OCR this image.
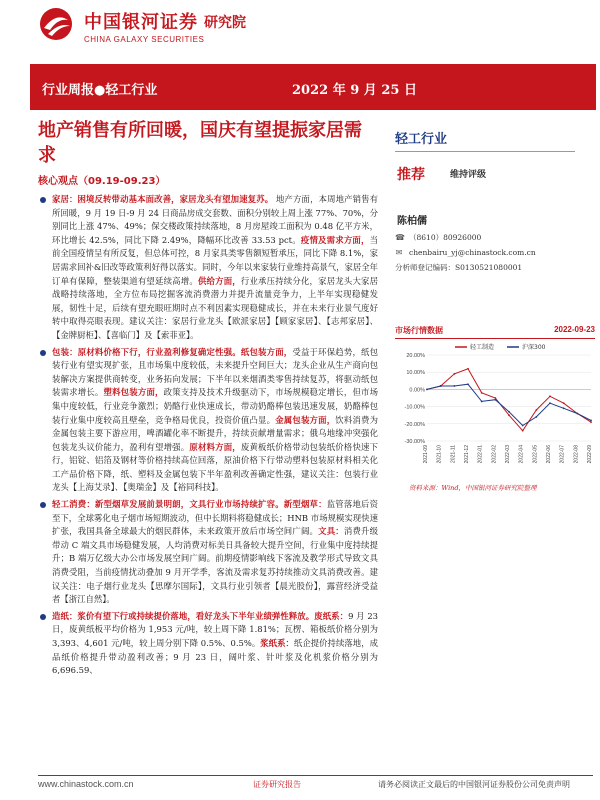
中国银河证券
CHINA GALAXY SECURITIES
研究院
行业周报●轻工行业	2022 年 9 月 25 日
地产销售有所回暖，国庆有望提振家居需求
核心观点（09.19-09.23）
家居：困境反转带动基本面改善，家居龙头有望加速复苏。 地产方面，本周地产销售有所回暖，9 月 19 日-9 月 24 日商品房成交套数、面积分别较上周上涨 77%、70%，分别同比上涨 47%、49%；保交楼政策持续落地，8 月房屋竣工面积为 0.48 亿平方米，环比增长 42.5%，同比下降 2.49%，降幅环比改善 33.53 pct。疫情及需求方面，当前全国疫情呈有所反复，但总体可控，8 月家具类零售额短暂承压，同比下降 8.1%，家居需求回补&旧改等政策利好得以落实。同时，今年以来家装行业维持高景气，家居全年订单有保障，整装渠道有望延续高增。供给方面，行业承压持续分化，家居龙头大家居战略持续落地，全方位布局挖掘客流消费潜力并提升流量竞争力，上半年实现稳健发展，韧性十足，后续有望充眼旺期时点不利因素实现稳健成长，并在未来行业景气度好转中取得亮眼表现。建议关注：家居行业龙头【欧派家居】【顾家家居】、【志邦家居】、【金牌厨柜】、【喜临门】及【索菲亚】。
包装：原材料价格下行，行业盈利修复确定性强。纸包装方面，受益于环保趋势，纸包装行业有望实现扩张，且市场集中度较低，未来提升空间巨大；龙头企业从生产商向包装解决方案提供商转变，业务拓向发展；下半年以来烟酒类零售持续复苏，将驱动纸包装需求增长。塑料包装方面，政策支持及技术升级驱动下，市场规模稳定增长，但市场集中度较低，行业竞争激烈；奶酪行业快速成长，带动奶酪棒包装迅速发展，奶酪棒包装行业集中度较高且壁垒，竞争格局优良，投资价值凸显。金属包装方面，饮料消费为金属包装主要下游应用，啤酒罐化率不断提升，持续贡献增量需求；俄乌地缘冲突强化包装龙头议价能力，盈利有望增强。原材料方面，废黄板纸价格带动包装纸价格快速下行，铝锭、铝箔及钢材等价格持续高位回落，原油价格下行带动塑料包装原材料相关化工产品价格下降，纸、塑料及金属包装下半年盈利改善确定性强，建议关注：包装行业龙头【上海艾录】、【奥瑞金】及【裕同科技】。
轻工消费：新型烟草发展前景明朗，文具行业市场持续扩容。新型烟草：监管落地后资至下，全球雾化电子烟市场短期波动，但中长期料将稳健成长；HNB 市场规模实现快速扩张，我国具备全球最大的烟民群体，未来政策开放后市场空间广阔。文具：消费升级带动 C 端文具市场稳健发展，人均消费对标美日具备较大提升空间，行业集中度持续提升；B 端万亿级大办公市场发展空间广阔。前期疫情影响线下客流及教学形式导致文具消费受阻，当前疫情扰动叠加 9 月开学季，客流及需求复苏持续推动文具消费改善。建议关注：电子烟行业龙头【思摩尔国际】，文具行业引领者【晨光股份】，露营经济受益者【浙江自然】。
造纸：浆价有望下行或持续提价落地，看好龙头下半年业绩弹性释放。废纸系：9 月 23 日，废黄纸板平均价格为 1,953 元/吨，较上周下降 1.81%；瓦楞、箱板纸价格分别为 3,393、4,601 元/吨，较上周分别下降 0.5%、0.5%。浆纸系：纸企提价持续落地，成品纸价格提升带动盈利改善；9 月 23 日，阔叶浆、针叶浆及化机浆价格分别为 6,696.59、
轻工行业
推荐	维持评级
陈柏儒
☎ （8610）80926000
✉ chenbairu_yj@chinastock.com.cn
分析师登记编码：S0130521080001
市场行情数据	2022-09-23
20.00%
10.00%
0.00%
-10.00%
-20.00%
-30.00%
2021-09 2021-10 2021-11 2021-12 2022-01 2022-02 2022-03 2022-04 2022-05 2022-06 2022-07 2022-08 2022-09
轻工制造	沪深300
资料来源：Wind，中国银河证券研究院整理
www.chinastock.com.cn	证券研究报告	请务必阅读正文最后的中国银河证券股份公司免责声明
